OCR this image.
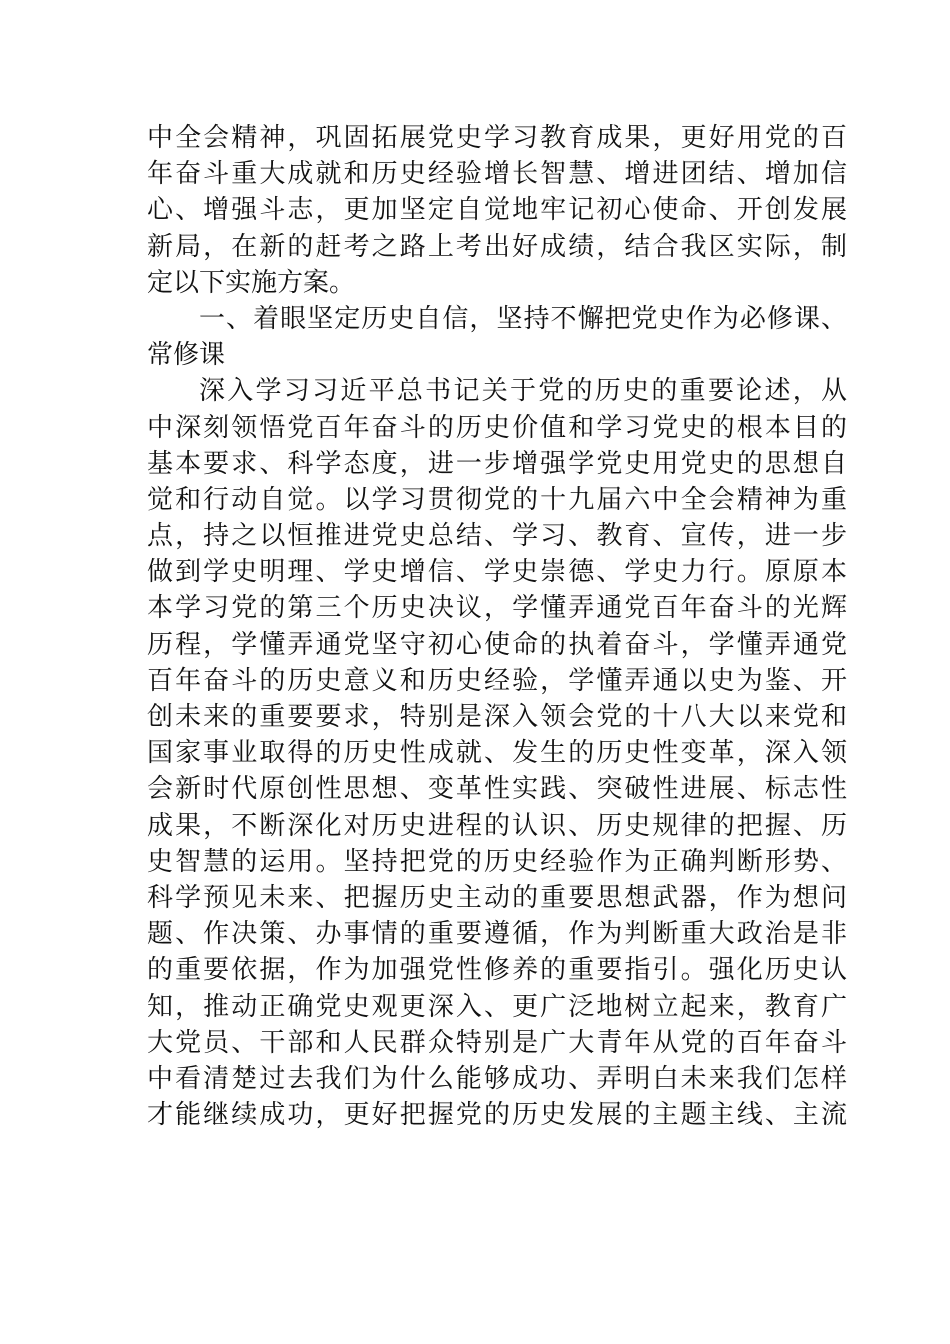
中全会精神，巩固拓展党史学习教育成果，更好用党的百
年奋斗重大成就和历史经验增长智慧、增进团结、增加信
心、增强斗志，更加坚定自觉地牢记初心使命、开创发展
新局，在新的赶考之路上考出好成绩，结合我区实际，制
定以下实施方案。
一、着眼坚定历史自信，坚持不懈把党史作为必修课、
常修课
深入学习习近平总书记关于党的历史的重要论述，从
中深刻领悟党百年奋斗的历史价值和学习党史的根本目的
基本要求、科学态度，进一步增强学党史用党史的思想自
觉和行动自觉。以学习贯彻党的十九届六中全会精神为重
点，持之以恒推进党史总结、学习、教育、宣传，进一步
做到学史明理、学史增信、学史崇德、学史力行。原原本
本学习党的第三个历史决议，学懂弄通党百年奋斗的光辉
历程，学懂弄通党坚守初心使命的执着奋斗，学懂弄通党
百年奋斗的历史意义和历史经验，学懂弄通以史为鉴、开
创未来的重要要求，特别是深入领会党的十八大以来党和
国家事业取得的历史性成就、发生的历史性变革，深入领
会新时代原创性思想、变革性实践、突破性进展、标志性
成果，不断深化对历史进程的认识、历史规律的把握、历
史智慧的运用。坚持把党的历史经验作为正确判断形势、
科学预见未来、把握历史主动的重要思想武器，作为想问
题、作决策、办事情的重要遵循，作为判断重大政治是非
的重要依据，作为加强党性修养的重要指引。强化历史认
知，推动正确党史观更深入、更广泛地树立起来，教育广
大党员、干部和人民群众特别是广大青年从党的百年奋斗
中看清楚过去我们为什么能够成功、弄明白未来我们怎样
才能继续成功，更好把握党的历史发展的主题主线、主流
